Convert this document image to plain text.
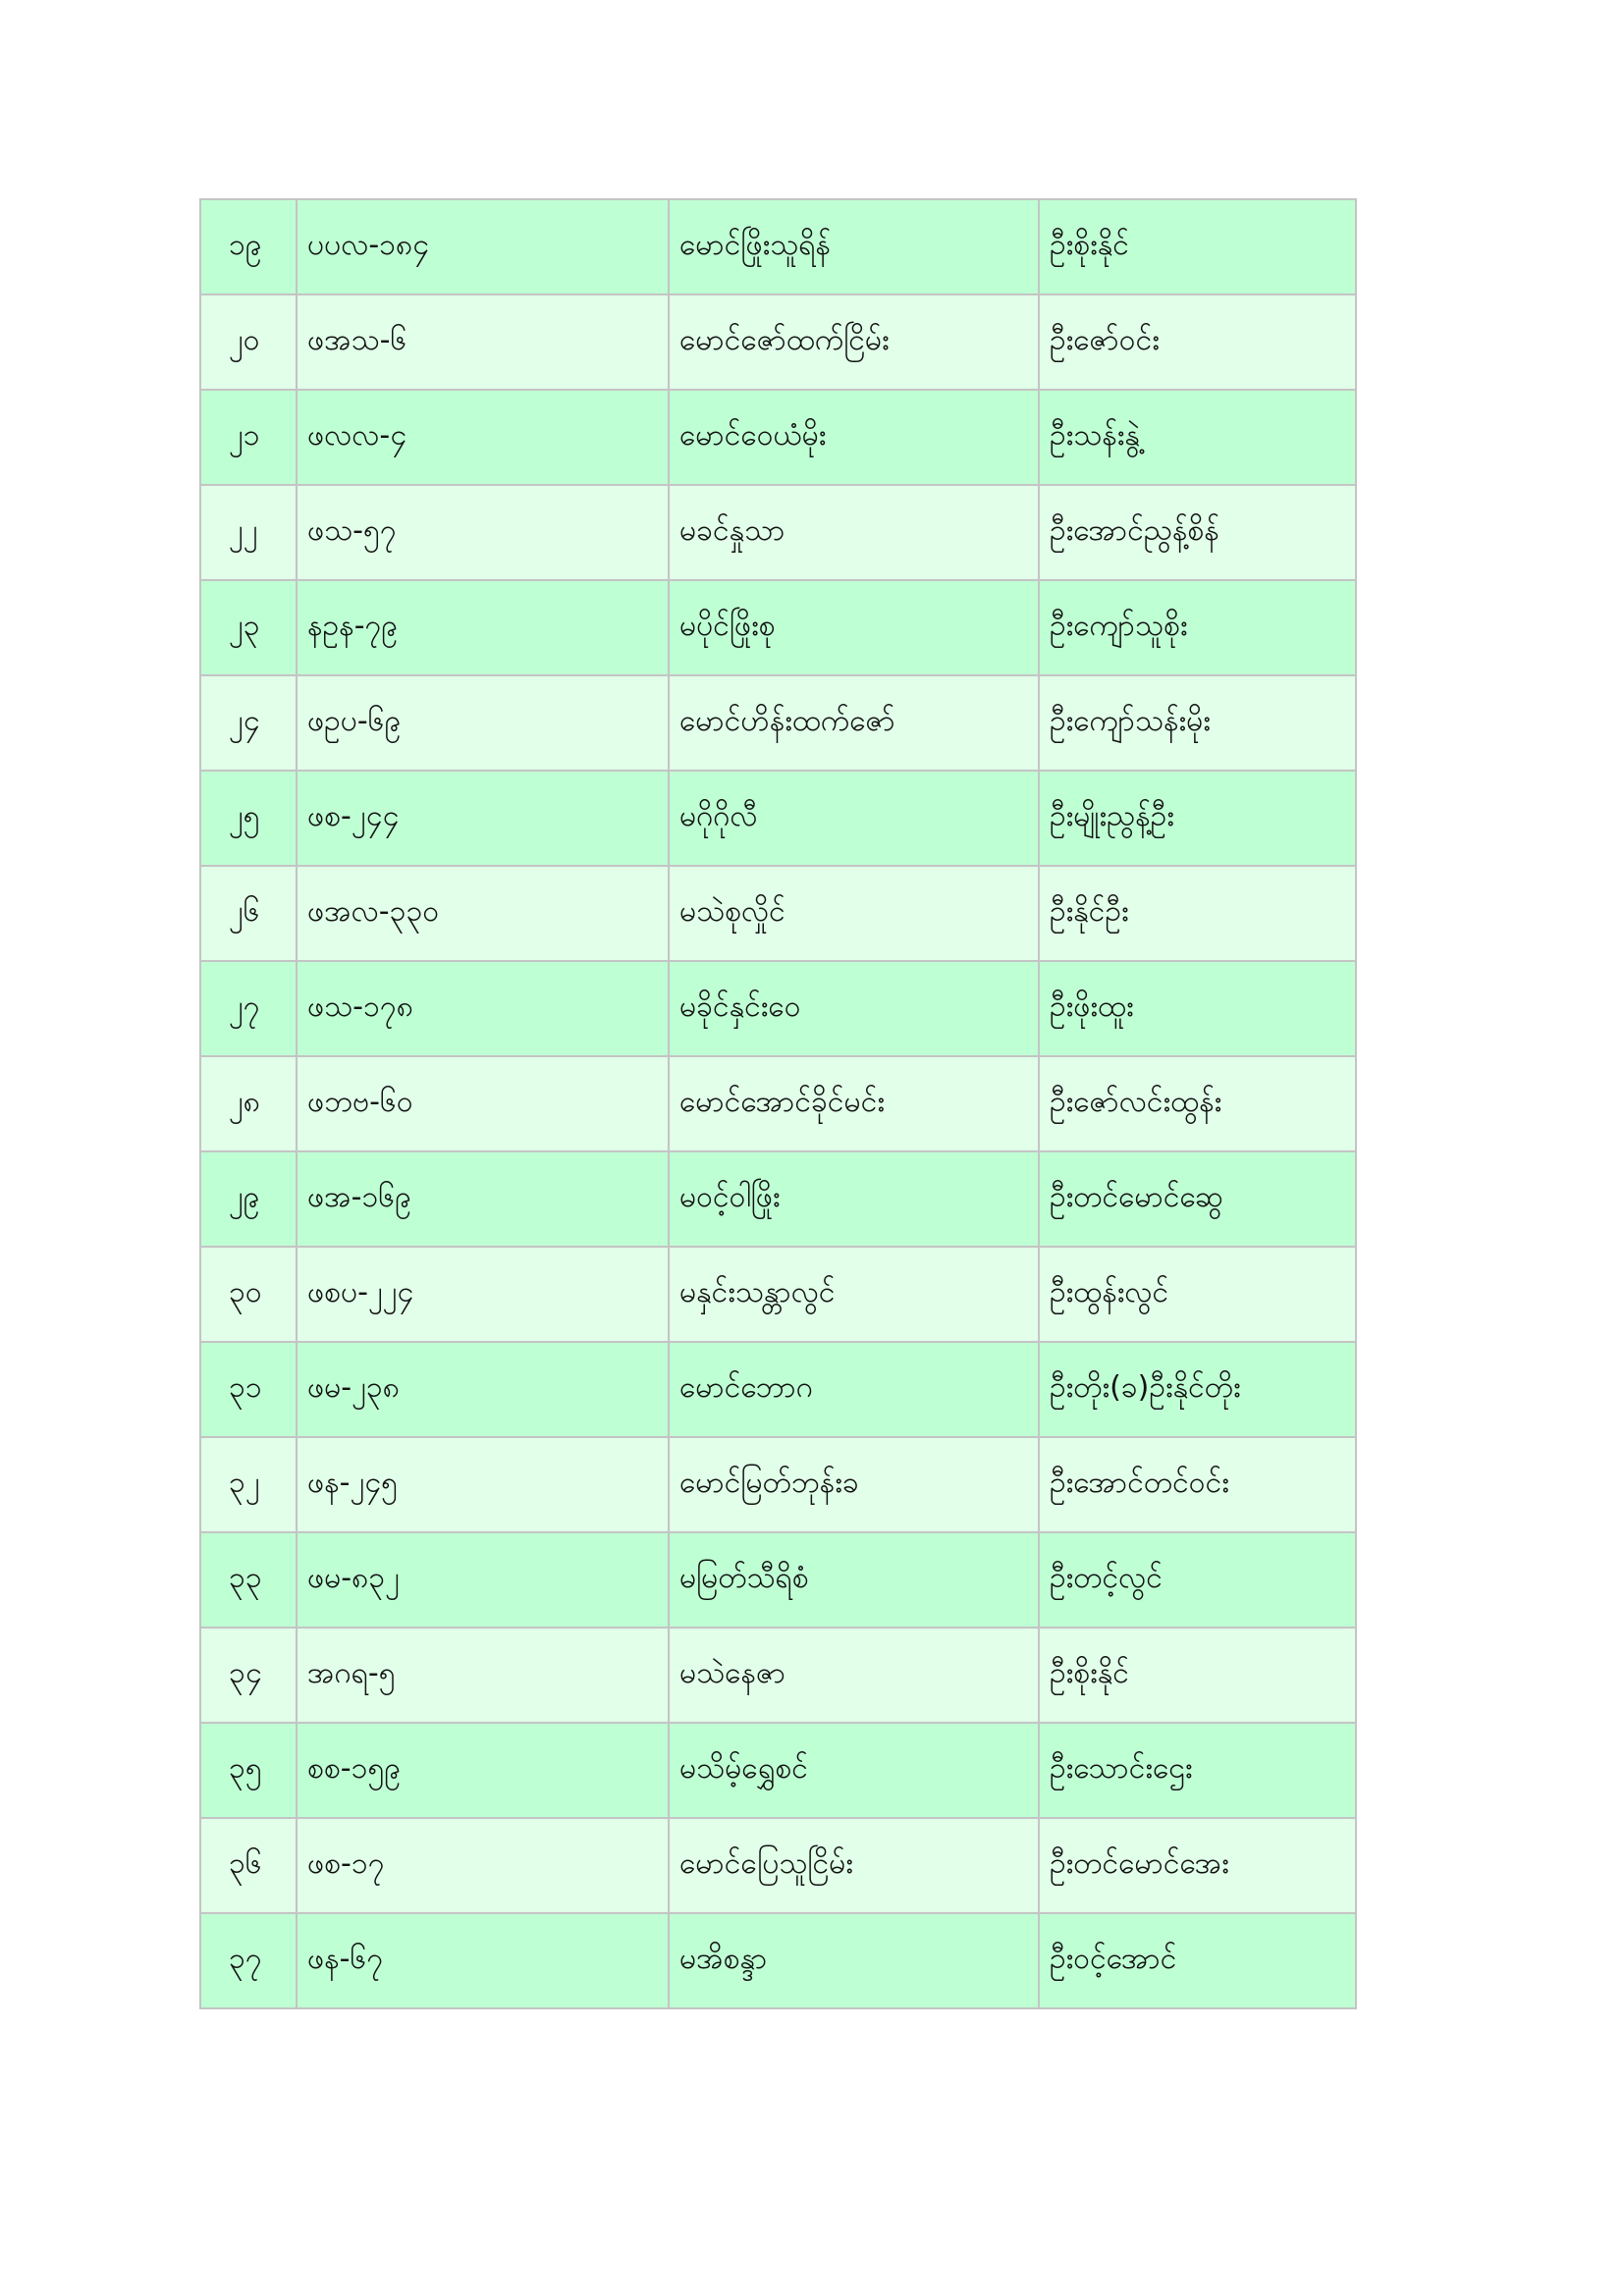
၁၉	ပပလ-၁၈၄	မောင်ဖြိုးသူရိန်	ဦးစိုးနိုင်
၂၀	ဖအသ-၆	မောင်ဇော်ထက်ငြိမ်း	ဦးဇော်ဝင်း
၂၁	ဖလလ-၄	မောင်ဝေယံမိုး	ဦးသန်းနွဲ့
၂၂	ဖသ-၅၇	မခင်နှုသာ	ဦးအောင်ညွန့်စိန်
၂၃	နဥန-၇၉	မပိုင်ဖြိုးစု	ဦးကျော်သူစိုး
၂၄	ဖဥပ-၆၉	မောင်ဟိန်းထက်ဇော်	ဦးကျော်သန်းမိုး
၂၅	ဖစ-၂၄၄	မဂိုဂိုလီ	ဦးမျိုးညွန့်ဦး
၂၆	ဖအလ-၃၃၀	မသဲစုလှိုင်	ဦးနိုင်ဦး
၂၇	ဖသ-၁၇၈	မခိုင်နှင်းဝေ	ဦးဖိုးထူး
၂၈	ဖဘဗ-၆၀	မောင်အောင်ခိုင်မင်း	ဦးဇော်လင်းထွန်း
၂၉	ဖအ-၁၆၉	မဝင့်ဝါဖြိုး	ဦးတင်မောင်ဆွေ
၃၀	ဖစပ-၂၂၄	မနှင်းသန္တာလွင်	ဦးထွန်းလွင်
၃၁	ဖမ-၂၃၈	မောင်ဘောဂ	ဦးတိုး(ခ)ဦးနိုင်တိုး
၃၂	ဖန-၂၄၅	မောင်မြတ်ဘုန်းခ	ဦးအောင်တင်ဝင်း
၃၃	ဖမ-၈၃၂	မမြတ်သီရိစံ	ဦးတင့်လွင်
၃၄	အဂရ-၅	မသဲနေဇာ	ဦးစိုးနိုင်
၃၅	စစ-၁၅၉	မသိမ့်ရွှေစင်	ဦးသောင်းဌေး
၃၆	ဖစ-၁၇	မောင်ပြေသူငြိမ်း	ဦးတင်မောင်အေး
၃၇	ဖန-၆၇	မအိစန္ဒာ	ဦးဝင့်အောင်
